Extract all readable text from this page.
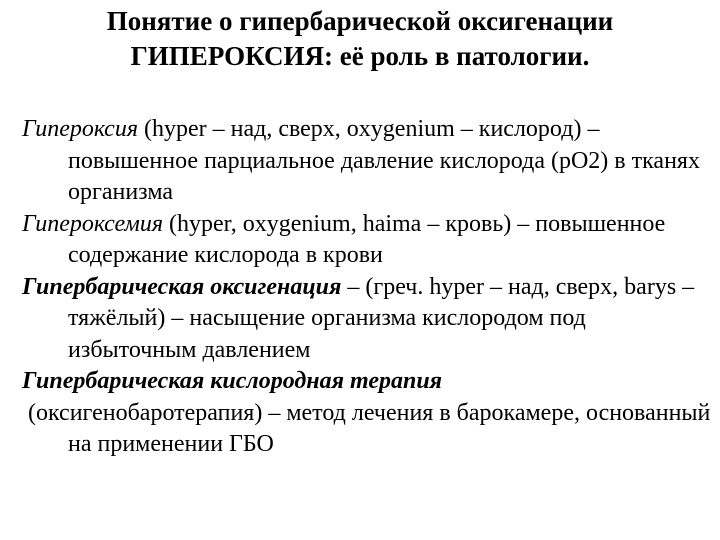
Понятие о гипербарической оксигенации
ГИПЕРОКСИЯ: её роль в патологии.

Гипероксия (hyper – над, сверх, oxygenium – кислород) – повышенное парциальное давление кислорода (pO2) в тканях организма

Гипероксемия (hyper, oxygenium, haima – кровь) – повышенное содержание кислорода в крови

Гипербарическая оксигенация – (греч. hyper – над, сверх, barys – тяжёлый) – насыщение организма кислородом под избыточным давлением

Гипербарическая кислородная терапия

(оксигенобаротерапия) – метод лечения в барокамере, основанный на применении ГБО
